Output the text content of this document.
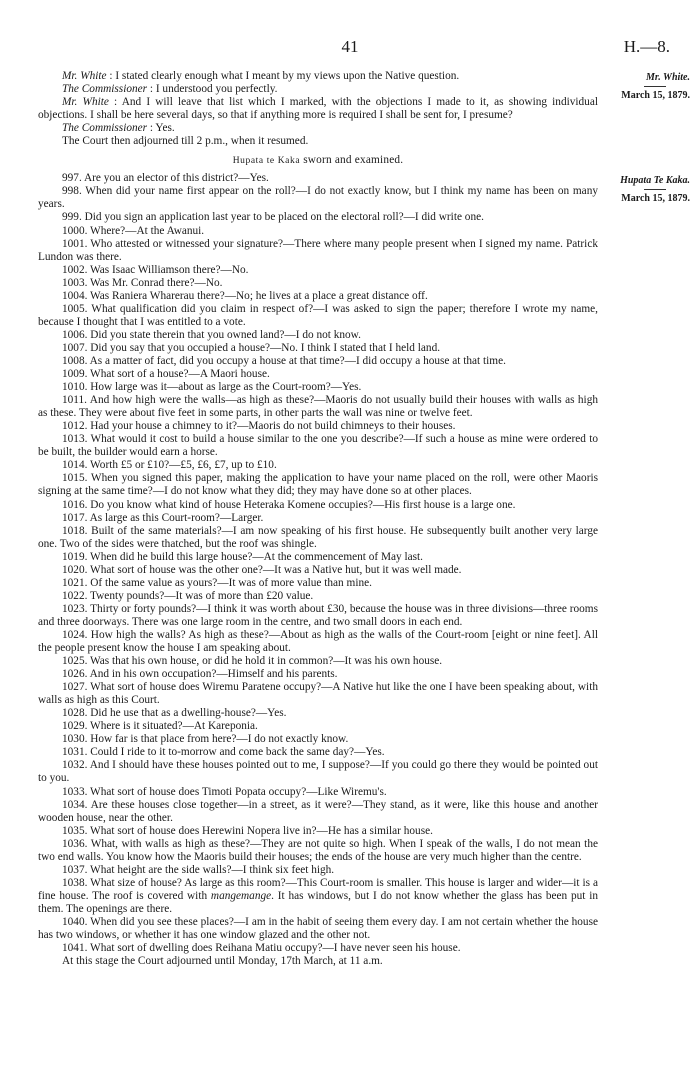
41	H.—8.
Mr. White.
March 15, 1879.
Hupata Te Kaka.
March 15, 1879.

Mr. White : I stated clearly enough what I meant by my views upon the Native question.

The Commissioner : I understood you perfectly.

Mr. White : And I will leave that list which I marked, with the objections I made to it, as showing individual objections. I shall be here several days, so that if anything more is required I shall be sent for, I presume?

The Commissioner : Yes.

The Court then adjourned till 2 p.m., when it resumed.

Hupata te Kaka sworn and examined.

997. Are you an elector of this district?—Yes.

998. When did your name first appear on the roll?—I do not exactly know, but I think my name has been on many years.

999. Did you sign an application last year to be placed on the electoral roll?—I did write one.

1000. Where?—At the Awanui.

1001. Who attested or witnessed your signature?—There where many people present when I signed my name. Patrick Lundon was there.

1002. Was Isaac Williamson there?—No.

1003. Was Mr. Conrad there?—No.

1004. Was Raniera Wharerau there?—No; he lives at a place a great distance off.

1005. What qualification did you claim in respect of?—I was asked to sign the paper; therefore I wrote my name, because I thought that I was entitled to a vote.

1006. Did you state therein that you owned land?—I do not know.

1007. Did you say that you occupied a house?—No. I think I stated that I held land.

1008. As a matter of fact, did you occupy a house at that time?—I did occupy a house at that time.

1009. What sort of a house?—A Maori house.

1010. How large was it—about as large as the Court-room?—Yes.

1011. And how high were the walls—as high as these?—Maoris do not usually build their houses with walls as high as these. They were about five feet in some parts, in other parts the wall was nine or twelve feet.

1012. Had your house a chimney to it?—Maoris do not build chimneys to their houses.

1013. What would it cost to build a house similar to the one you describe?—If such a house as mine were ordered to be built, the builder would earn a horse.

1014. Worth £5 or £10?—£5, £6, £7, up to £10.

1015. When you signed this paper, making the application to have your name placed on the roll, were other Maoris signing at the same time?—I do not know what they did; they may have done so at other places.

1016. Do you know what kind of house Heteraka Komene occupies?—His first house is a large one.

1017. As large as this Court-room?—Larger.

1018. Built of the same materials?—I am now speaking of his first house. He subsequently built another very large one. Two of the sides were thatched, but the roof was shingle.

1019. When did he build this large house?—At the commencement of May last.

1020. What sort of house was the other one?—It was a Native hut, but it was well made.

1021. Of the same value as yours?—It was of more value than mine.

1022. Twenty pounds?—It was of more than £20 value.

1023. Thirty or forty pounds?—I think it was worth about £30, because the house was in three divisions—three rooms and three doorways. There was one large room in the centre, and two small doors in each end.

1024. How high the walls? As high as these?—About as high as the walls of the Court-room [eight or nine feet]. All the people present know the house I am speaking about.

1025. Was that his own house, or did he hold it in common?—It was his own house.

1026. And in his own occupation?—Himself and his parents.

1027. What sort of house does Wiremu Paratene occupy?—A Native hut like the one I have been speaking about, with walls as high as this Court.

1028. Did he use that as a dwelling-house?—Yes.

1029. Where is it situated?—At Kareponia.

1030. How far is that place from here?—I do not exactly know.

1031. Could I ride to it to-morrow and come back the same day?—Yes.

1032. And I should have these houses pointed out to me, I suppose?—If you could go there they would be pointed out to you.

1033. What sort of house does Timoti Popata occupy?—Like Wiremu's.

1034. Are these houses close together—in a street, as it were?—They stand, as it were, like this house and another wooden house, near the other.

1035. What sort of house does Herewini Nopera live in?—He has a similar house.

1036. What, with walls as high as these?—They are not quite so high. When I speak of the walls, I do not mean the two end walls. You know how the Maoris build their houses; the ends of the house are very much higher than the centre.

1037. What height are the side walls?—I think six feet high.

1038. What size of house? As large as this room?—This Court-room is smaller. This house is larger and wider—it is a fine house. The roof is covered with mangemange. It has windows, but I do not know whether the glass has been put in them. The openings are there.

1040. When did you see these places?—I am in the habit of seeing them every day. I am not certain whether the house has two windows, or whether it has one window glazed and the other not.

1041. What sort of dwelling does Reihana Matiu occupy?—I have never seen his house.

At this stage the Court adjourned until Monday, 17th March, at 11 a.m.
